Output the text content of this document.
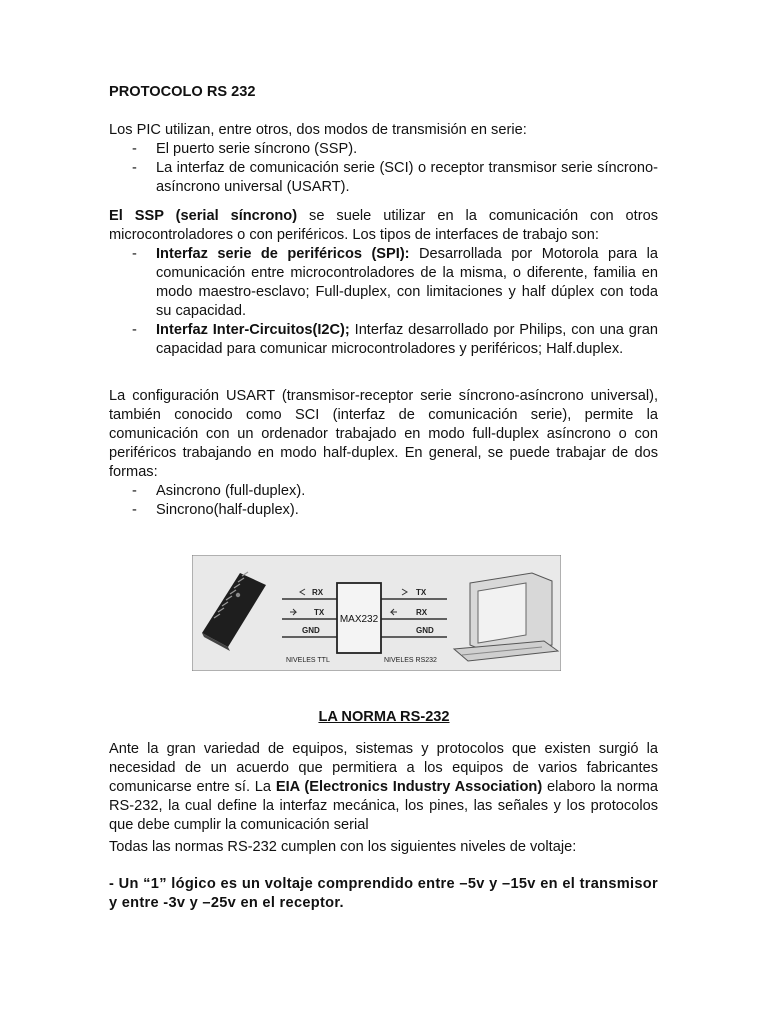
PROTOCOLO RS 232

Los PIC utilizan, entre otros, dos modos de transmisión en serie:

- El puerto serie síncrono (SSP).
- La interfaz de comunicación serie (SCI) o receptor transmisor serie síncrono- asíncrono universal (USART).

El SSP (serial síncrono) se suele utilizar en la comunicación con otros microcontroladores o con periféricos. Los tipos de interfaces de trabajo son:

- Interfaz serie de periféricos (SPI): Desarrollada por Motorola para la comunicación entre microcontroladores de la misma, o diferente, familia en modo maestro-esclavo; Full-duplex, con limitaciones y half dúplex con toda su capacidad.
- Interfaz Inter-Circuitos(I2C); Interfaz desarrollado por Philips, con una gran capacidad para comunicar microcontroladores y periféricos; Half.duplex.

La configuración USART (transmisor-receptor serie síncrono-asíncrono universal), también conocido como SCI (interfaz de comunicación serie), permite la comunicación con un ordenador trabajado en modo full-duplex asíncrono o con periféricos trabajando en modo half-duplex. En general, se puede trabajar de dos formas:

- Asincrono (full-duplex).
- Sincrono(half-duplex).
RX
TX
GND
TX
RX
GND
MAX232
NIVELES TTL	NIVELES RS232
LA NORMA RS-232

Ante la gran variedad de equipos, sistemas y protocolos que existen surgió la necesidad de un acuerdo que permitiera a los equipos de varios fabricantes comunicarse entre sí. La EIA (Electronics Industry Association) elaboro la norma RS-232, la cual define la interfaz mecánica, los pines, las señales y los protocolos que debe cumplir la comunicación serial

Todas las normas RS-232 cumplen con los siguientes niveles de voltaje:

- Un “1” lógico es un voltaje comprendido entre –5v y –15v en el transmisor y entre -3v y –25v en el receptor.
